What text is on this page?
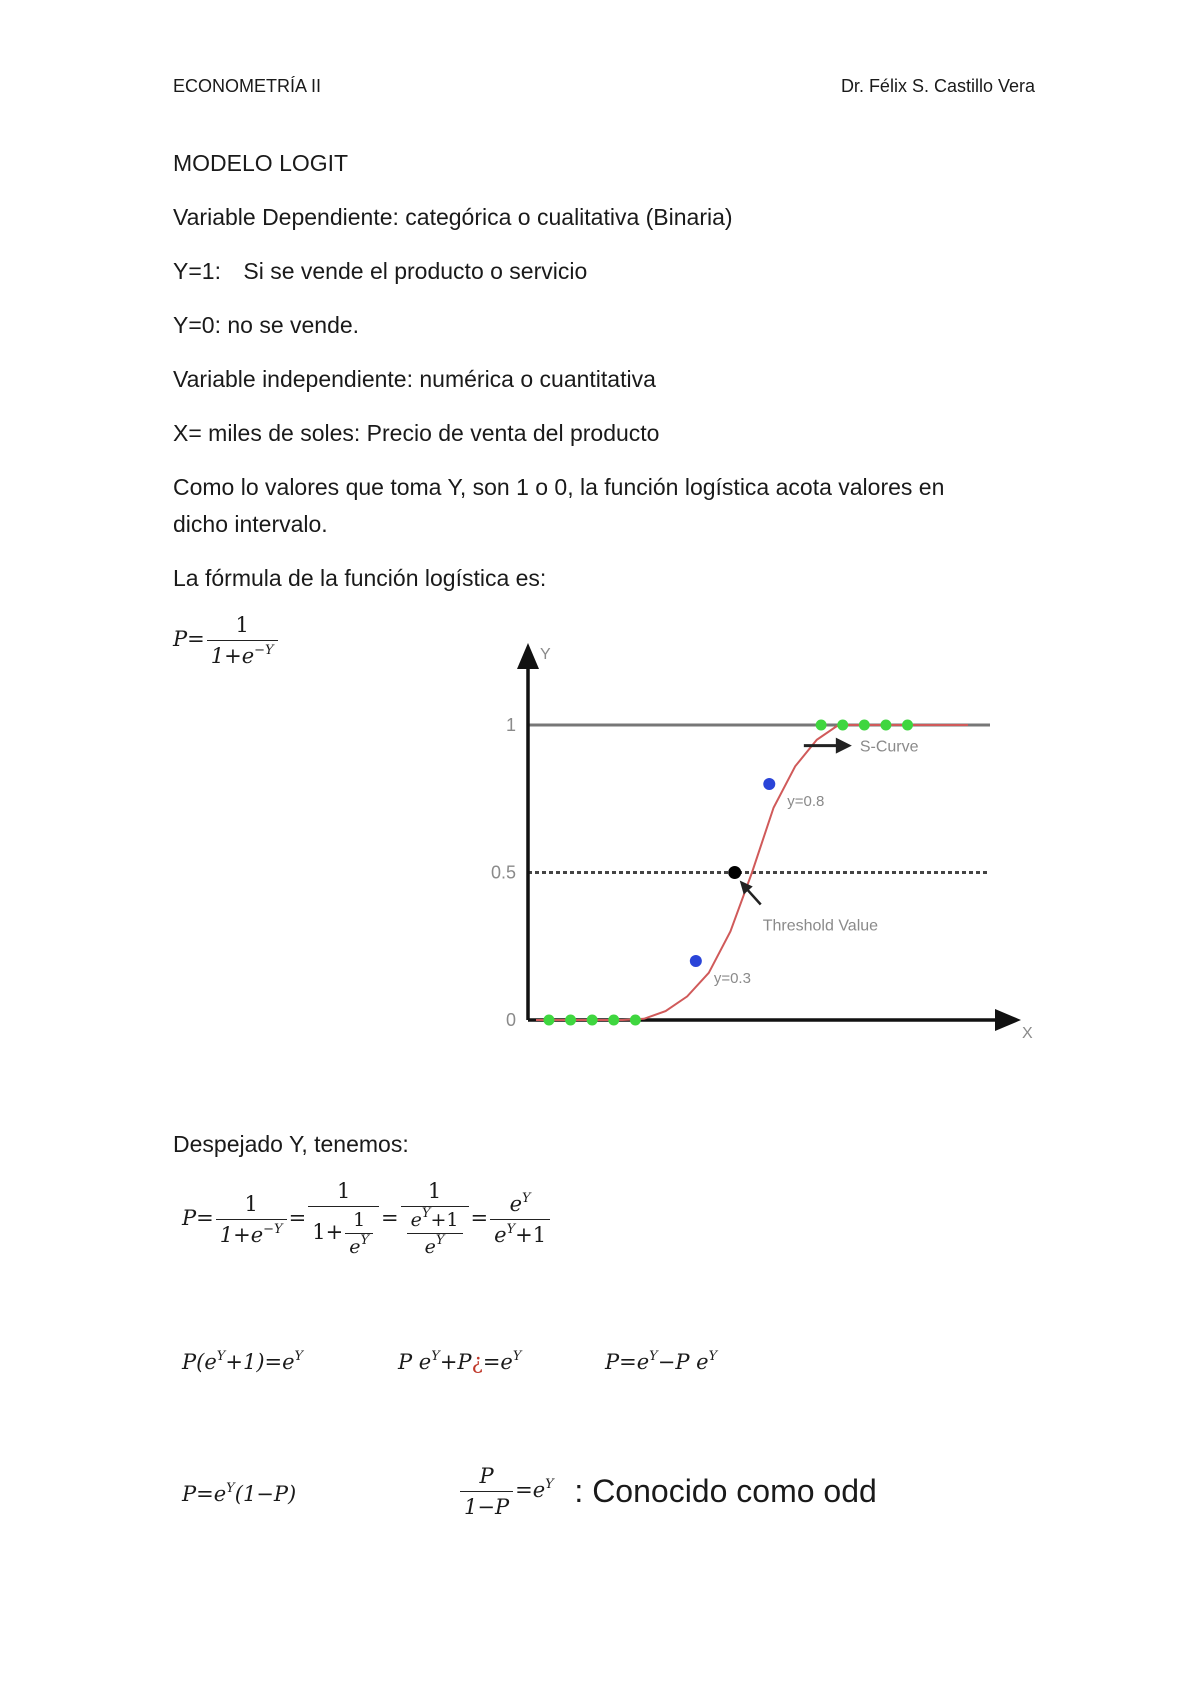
ECONOMETRÍA II	Dr. Félix S. Castillo Vera
MODELO LOGIT
Variable Dependiente: categórica o cualitativa (Binaria)
Y=1: Si se vende el producto o servicio
Y=0: no se vende.
Variable independiente: numérica o cuantitativa
X= miles de soles: Precio de venta del producto
Como lo valores que toma Y, son 1 o 0, la función logística acota valores en
dicho intervalo.
La fórmula de la función logística es:
$P= \frac{1}{1+e^{-Y}}$	Y
X
1
0.5
0
y=0.3
y=0.8
Threshold Value
S-Curve
Despejado Y, tenemos:
$P= \frac{1}{1+e^{-Y}} = \frac{1}{1+ \frac{1}{e^Y}} = \frac{1}{\frac{e^Y+1}{e^Y}} = \frac{e^Y}{e^Y+1}$
$P(e^Y+1)=e^Y$	P $e^Y+P¿=e^Y$	$P=e^Y-P$ $e^Y$
$P=e^Y(1-P)$	$\frac{P}{1-P} =e^Y$ : Conocido como odd
